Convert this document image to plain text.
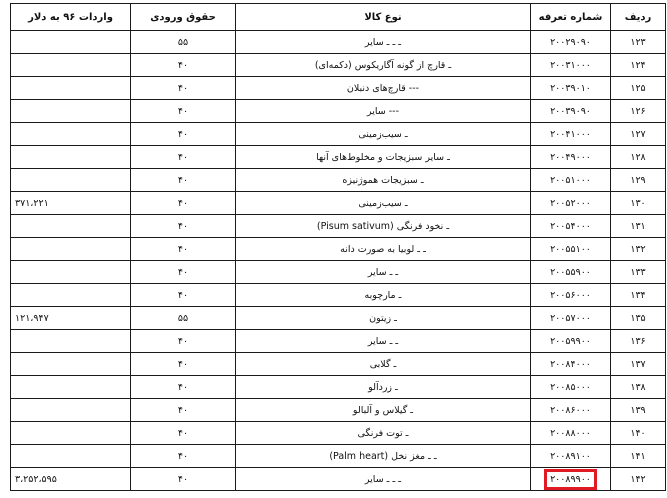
ردیف	شماره تعرفه	نوع کالا	حقوق ورودی	واردات ۹۶ به دلار
۱۲۳	۲۰۰۲۹۰۹۰	ـ ـ ـ سایر	۵۵	
۱۲۴	۲۰۰۳۱۰۰۰	ـ قارچ از گونه آگاریکوس (دکمه‌ای)	۴۰	
۱۲۵	۲۰۰۳۹۰۱۰	--- قارچ‌های دنبلان	۴۰	
۱۲۶	۲۰۰۳۹۰۹۰	--- سایر	۴۰	
۱۲۷	۲۰۰۴۱۰۰۰	ـ سیب‌زمینی	۴۰	
۱۲۸	۲۰۰۴۹۰۰۰	ـ سایر سبزیجات و مخلوط‌های آنها	۴۰	
۱۲۹	۲۰۰۵۱۰۰۰	ـ سبزیجات هموژنیزه	۴۰	
۱۳۰	۲۰۰۵۲۰۰۰	ـ سیب‌زمینی	۴۰	۳۷۱،۲۲۱
۱۳۱	۲۰۰۵۴۰۰۰	ـ نخود فرنگی (Pisum sativum)	۴۰	
۱۳۲	۲۰۰۵۵۱۰۰	ـ ـ لوبیا به صورت دانه	۴۰	
۱۳۳	۲۰۰۵۵۹۰۰	ـ ـ سایر	۴۰	
۱۳۴	۲۰۰۵۶۰۰۰	ـ مارچوبه	۴۰	
۱۳۵	۲۰۰۵۷۰۰۰	ـ زیتون	۵۵	۱۲۱،۹۴۷
۱۳۶	۲۰۰۵۹۹۰۰	ـ ـ سایر	۴۰	
۱۳۷	۲۰۰۸۴۰۰۰	ـ گلابی	۴۰	
۱۳۸	۲۰۰۸۵۰۰۰	ـ زردآلو	۴۰	
۱۳۹	۲۰۰۸۶۰۰۰	ـ گیلاس و آلبالو	۴۰	
۱۴۰	۲۰۰۸۸۰۰۰	ـ توت فرنگی	۴۰	
۱۴۱	۲۰۰۸۹۱۰۰	ـ ـ مغز نخل (Palm heart)	۴۰	
۱۴۲	۲۰۰۸۹۹۰۰	ـ ـ ـ سایر	۴۰	۳،۲۵۲،۵۹۵
